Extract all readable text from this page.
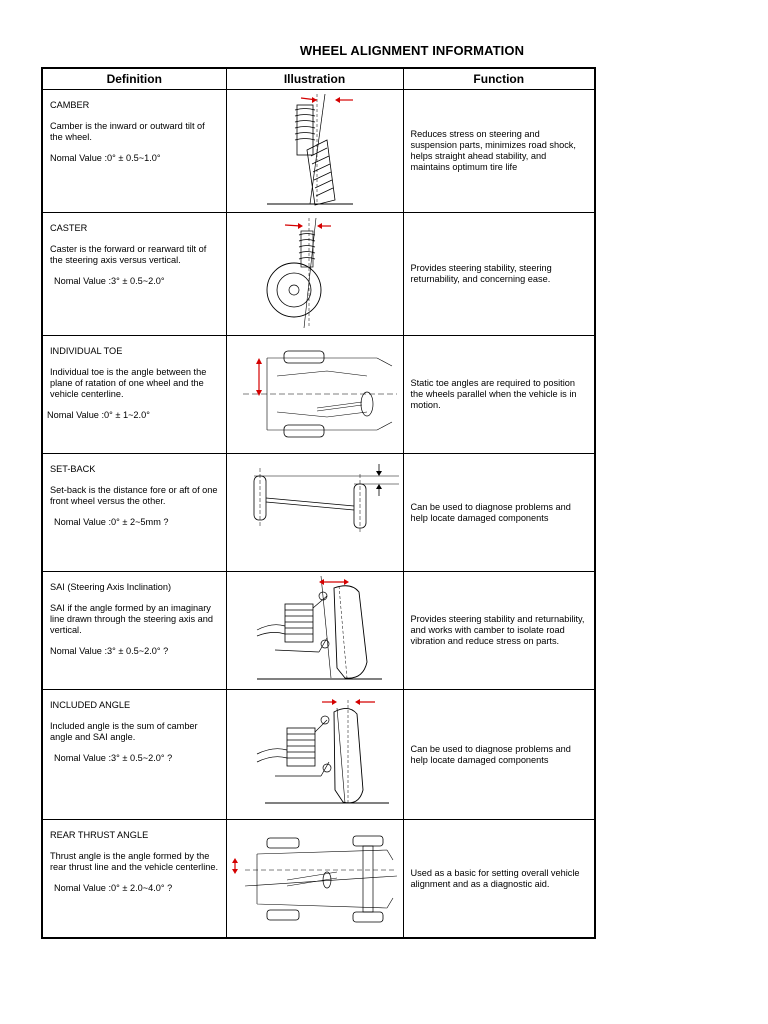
WHEEL ALIGNMENT INFORMATION
Definition	Illustration	Function

CAMBER
Camber is the inward or outward tilt of the wheel.
Nomal Value :0° ± 0.5~1.0°		Reduces stress on steering and suspension parts, minimizes road shock, helps straight ahead stability, and maintains optimum tire life

CASTER
Caster is the forward or rearward tilt of the steering axis versus vertical.
Nomal Value :3° ± 0.5~2.0°		Provides steering stability, steering returnability, and concerning ease.

INDIVIDUAL TOE
Individual toe is the angle between the plane of ratation of one wheel and the vehicle centerline.
Nomal Value :0° ± 1~2.0°		Static toe angles are required to position the wheels parallel when the vehicle is in motion.

SET-BACK
Set-back is the distance fore or aft of one front wheel versus the other.
Nomal Value :0° ± 2~5mm ?		Can be used to diagnose problems and help locate damaged components

SAI (Steering Axis Inclination)
SAI if the angle formed by an imaginary line drawn through the steering axis and vertical.
Nomal Value :3° ± 0.5~2.0° ?		Provides steering stability and returnability, and works with camber to isolate road vibration and reduce stress on parts.

INCLUDED ANGLE
Included angle is the sum of camber angle and SAI angle.
Nomal Value :3° ± 0.5~2.0° ?		Can be used to diagnose problems and help locate damaged components

REAR THRUST ANGLE
Thrust angle is the angle formed by the rear thrust line and the vehicle centerline.
Nomal Value :0° ± 2.0~4.0° ?		Used as a basic for setting overall vehicle alignment and as a diagnostic aid.
